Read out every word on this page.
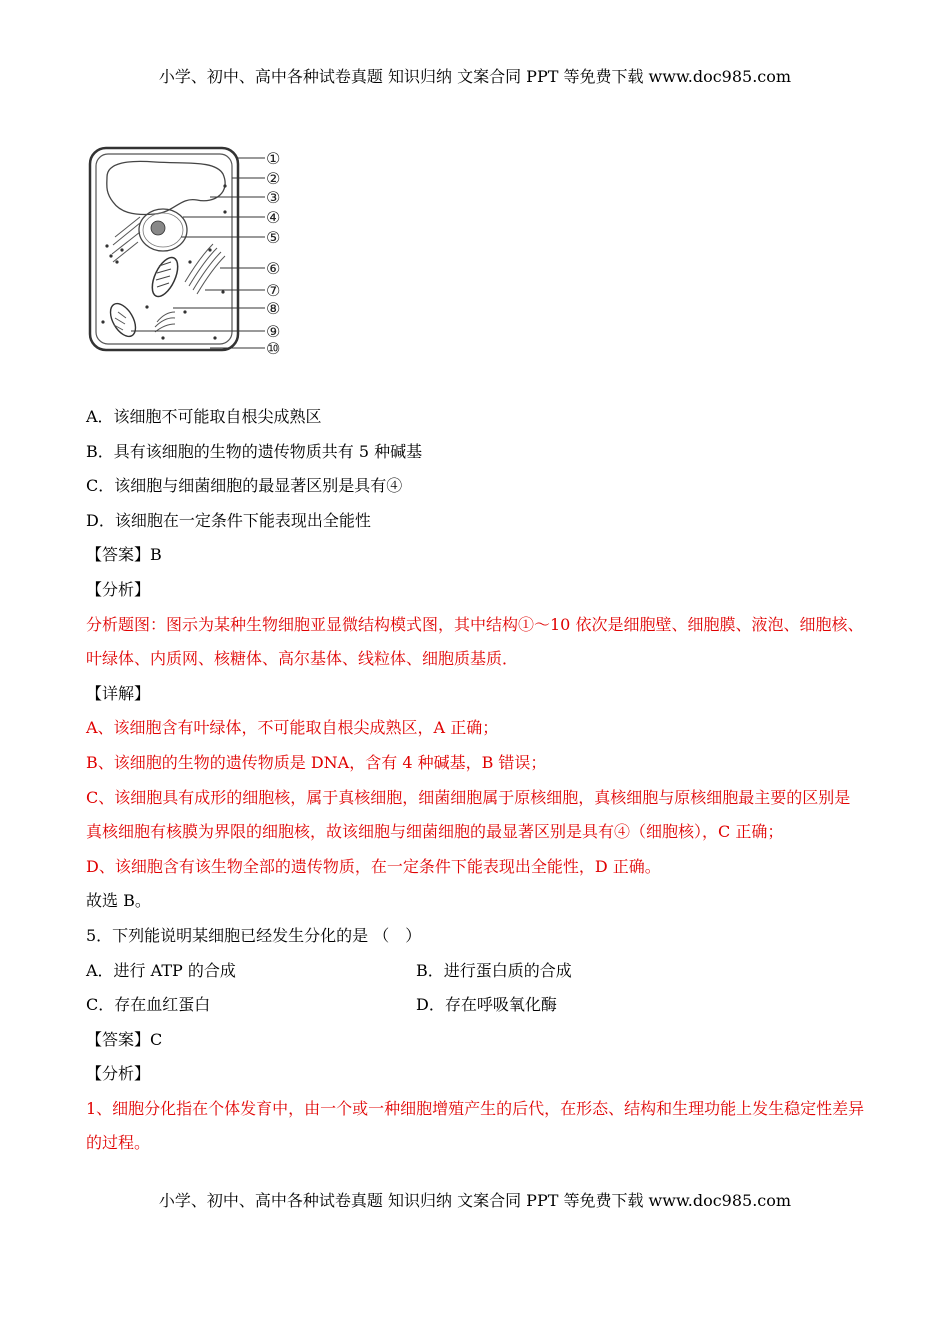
小学、初中、高中各种试卷真题 知识归纳 文案合同 PPT 等免费下载 www.doc985.com
①
②
③
④
⑤
⑥
⑦
⑧
⑨
⑩
A．该细胞不可能取自根尖成熟区
B．具有该细胞的生物的遗传物质共有 5 种碱基
C．该细胞与细菌细胞的最显著区别是具有④
D．该细胞在一定条件下能表现出全能性
【答案】B
【分析】
分析题图：图示为某种生物细胞亚显微结构模式图，其中结构①～10 依次是细胞壁、细胞膜、液泡、细胞核、叶绿体、内质网、核糖体、高尔基体、线粒体、细胞质基质．
【详解】
A、该细胞含有叶绿体，不可能取自根尖成熟区，A 正确；
B、该细胞的生物的遗传物质是 DNA，含有 4 种碱基，B 错误；
C、该细胞具有成形的细胞核，属于真核细胞，细菌细胞属于原核细胞，真核细胞与原核细胞最主要的区别是真核细胞有核膜为界限的细胞核，故该细胞与细菌细胞的最显著区别是具有④（细胞核），C 正确；
D、该细胞含有该生物全部的遗传物质，在一定条件下能表现出全能性，D 正确。
故选 B。
5．下列能说明某细胞已经发生分化的是 （　）
A．进行 ATP 的合成	B．进行蛋白质的合成
C．存在血红蛋白	D．存在呼吸氧化酶
【答案】C
【分析】
1、细胞分化指在个体发育中，由一个或一种细胞增殖产生的后代，在形态、结构和生理功能上发生稳定性差异的过程。
小学、初中、高中各种试卷真题 知识归纳 文案合同 PPT 等免费下载 www.doc985.com
